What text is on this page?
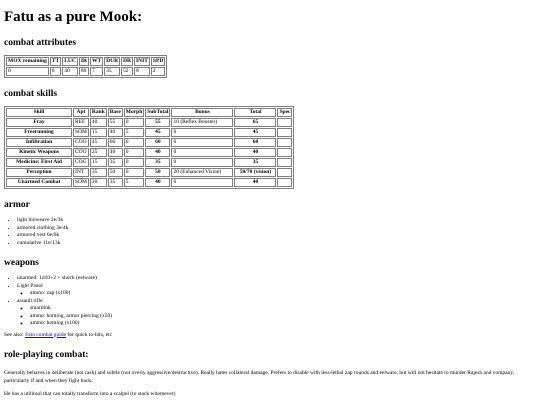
Fatu as a pure Mook:
combat attributes
MOX remaining	TT	LUC	IR	WT	DUR	DR	INIT	SPD
0	8	40	80	7	35	52	8	2
combat skills
Skill	Apt	Rank	Base	Morph	SubTotal	Bonus	Total	Spec
Fray	REF	40	55	0	55	10 (Reflex Booster)	65	
Freerunning	SOM	15	40	5	45	0	45	
Infiltration	COO	45	60	0	60	0	60	
Kinetic Weapons	COO	25	40	0	40	0	40	
Medicine: First Aid	COG	15	35	0	35	0	35	
Perception	INT	35	50	0	50	20 (Enhanced Vision)	50/70 (vision)	
Unarmed Combat	SOM	20	35	5	40	0	40	
armor
• light bioweave 2e/3k
• armored clothing 3e/4k
• armored vest 6e/6k
• cumulative 11e/13k
weapons
• unarmed: 1d10+2 + shock (eelware)
• Light Pistol
◦ ammo: zap (x100)
• assault rifle
◦ smartlink
◦ ammo: homing, armor piercing (x50)
◦ ammo: homing (x100)

See also: Fatu combat guide for quick to-hits, etc

role-playing combat:

Generally behaves in deliberate (not rash) and subtle (not overly aggressive/destructive). Really hates collateral damage. Prefers to disable with less-lethal zap rounds and eelware, but will not hesitate to murder Rajesh and company, particularly if and when they fight back.

He has a utilitool that can totally transform into a scalpel (to stack whomever)
